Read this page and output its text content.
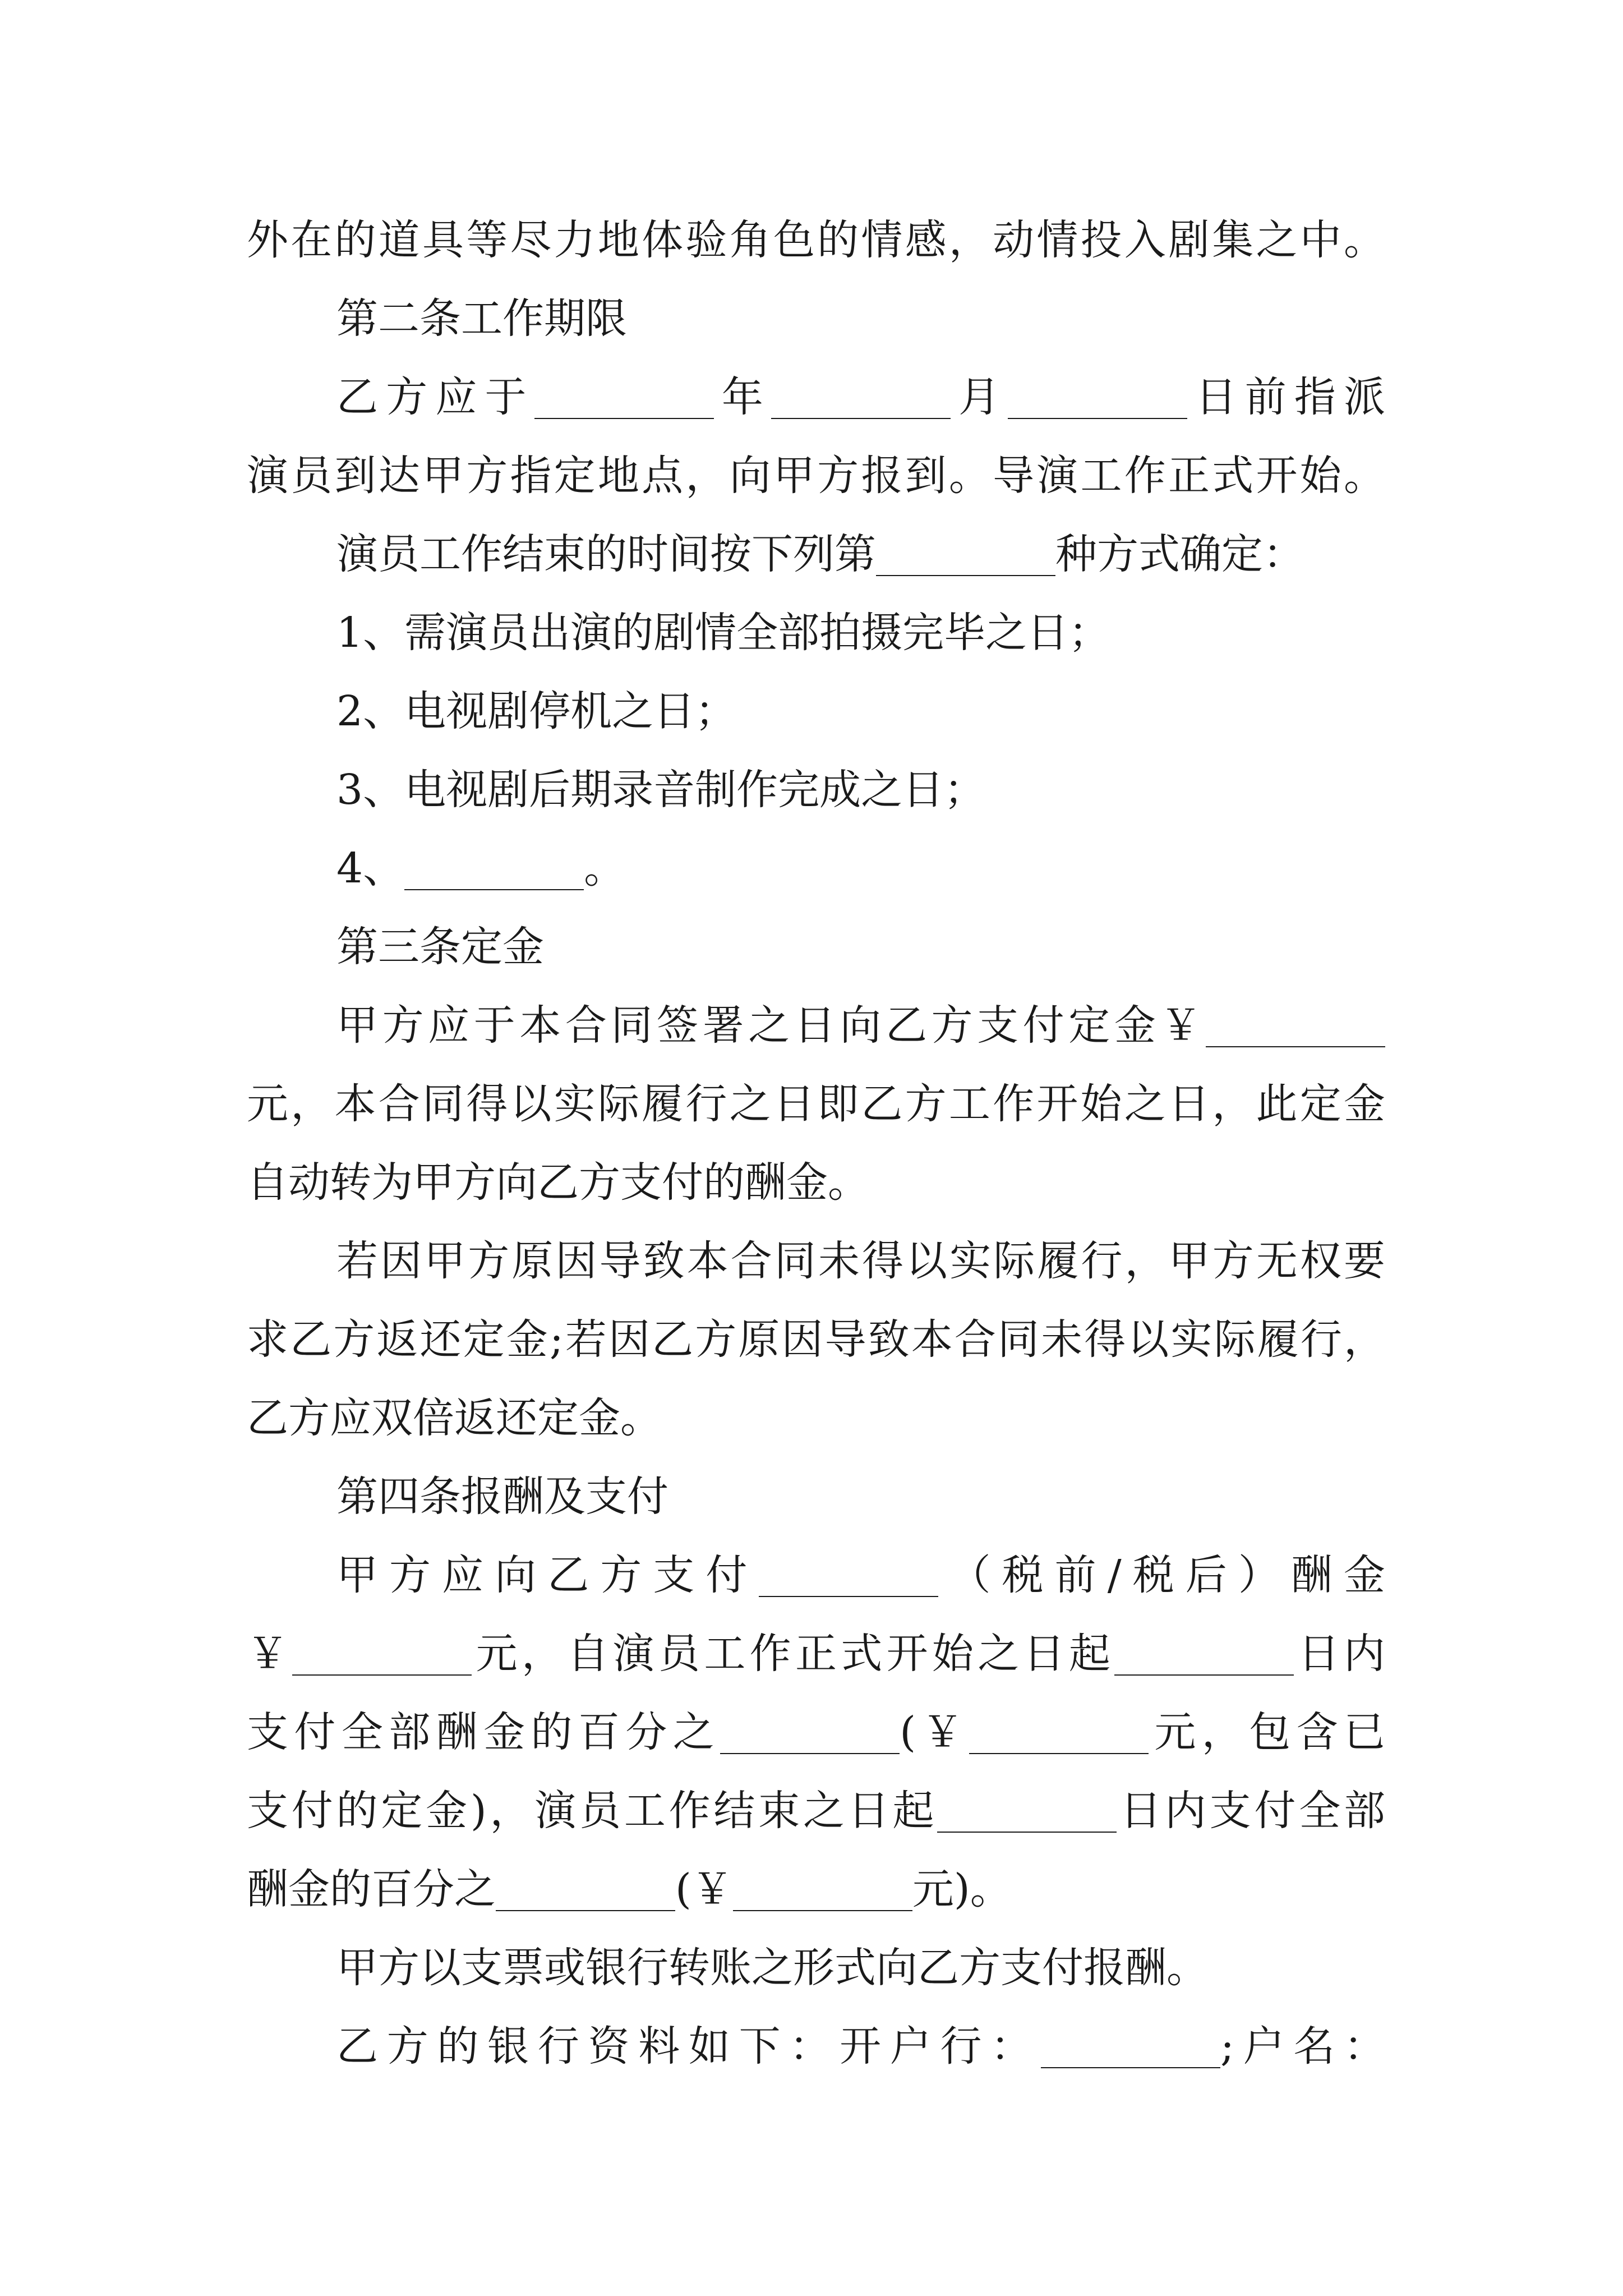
外在的道具等尽力地体验角色的情感，动情投入剧集之中。
第二条工作期限
乙方应于	年	月	日前指派
演员到达甲方指定地点，向甲方报到。导演工作正式开始。
演员工作结束的时间按下列第	种方式确定：
1、需演员出演的剧情全部拍摄完毕之日；
2、电视剧停机之日；
3、电视剧后期录音制作完成之日；
4、	。
第三条定金
甲方应于本合同签署之日向乙方支付定金￥
元，本合同得以实际履行之日即乙方工作开始之日，此定金
自动转为甲方向乙方支付的酬金。
若因甲方原因导致本合同未得以实际履行，甲方无权要
求乙方返还定金;若因乙方原因导致本合同未得以实际履行，
乙方应双倍返还定金。
第四条报酬及支付
甲方应向乙方支付	（税前/税后）酬金
￥	元，自演员工作正式开始之日起	日内
支付全部酬金的百分之	(￥	元，包含已
支付的定金)，演员工作结束之日起	日内支付全部
酬金的百分之	(￥	元)。
甲方以支票或银行转账之形式向乙方支付报酬。
乙方的银行资料如下：开户行：	;户名：
